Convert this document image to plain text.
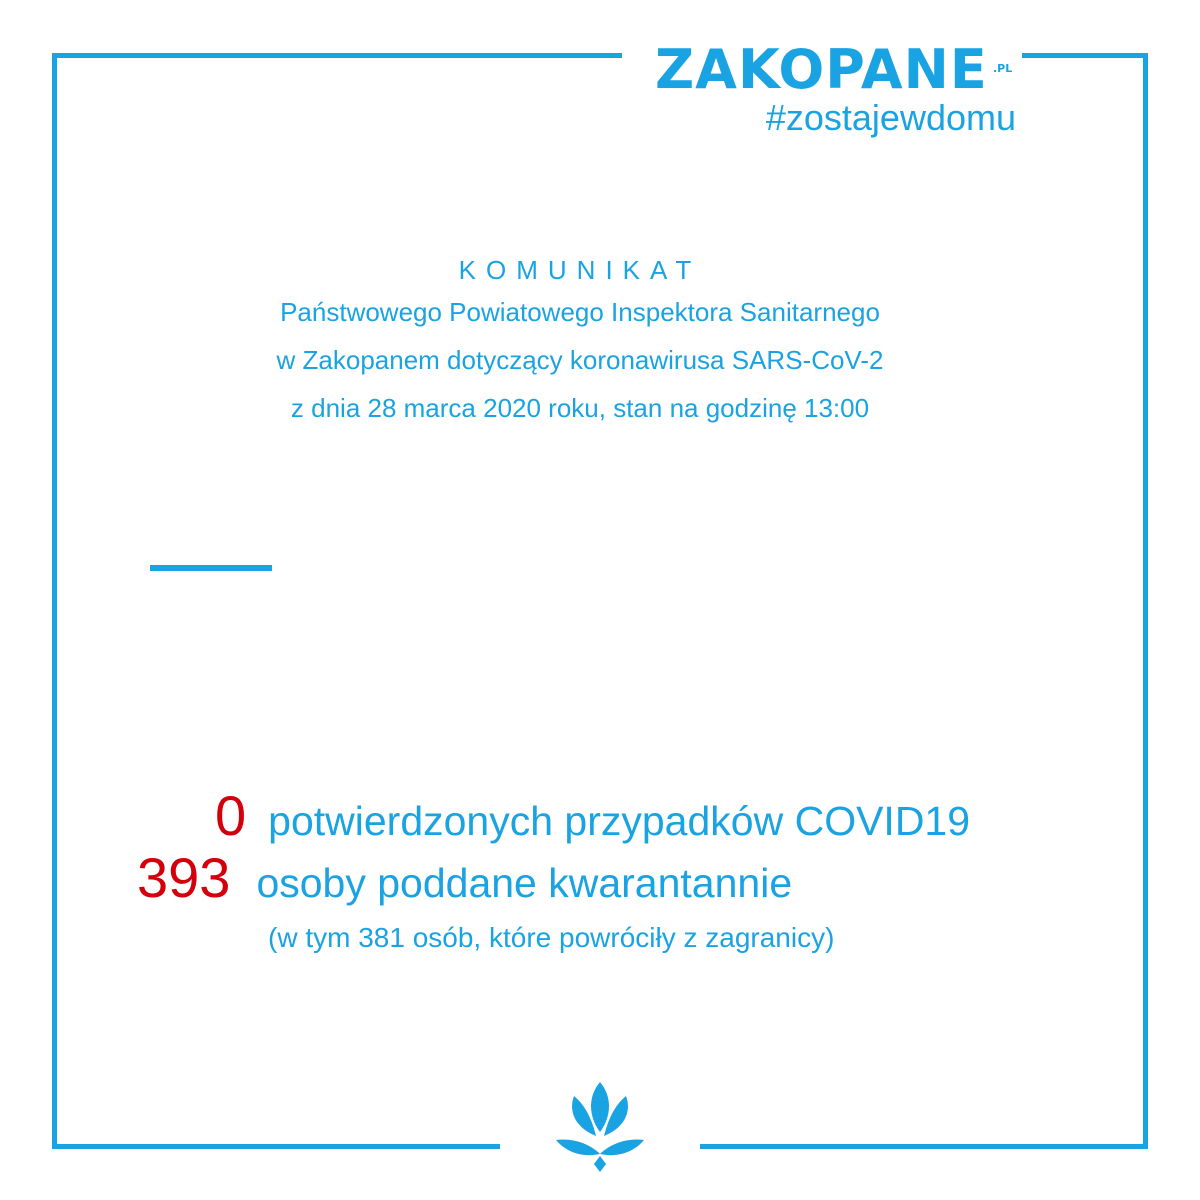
ZAKOPANE .PL
#zostajewdomu
KOMUNIKAT
Państwowego Powiatowego Inspektora Sanitarnego
w Zakopanem dotyczący koronawirusa SARS-CoV-2
z dnia 28 marca 2020 roku, stan na godzinę 13:00
0 potwierdzonych przypadków COVID19
393 osoby poddane kwarantannie
(w tym 381 osób, które powróciły z zagranicy)
